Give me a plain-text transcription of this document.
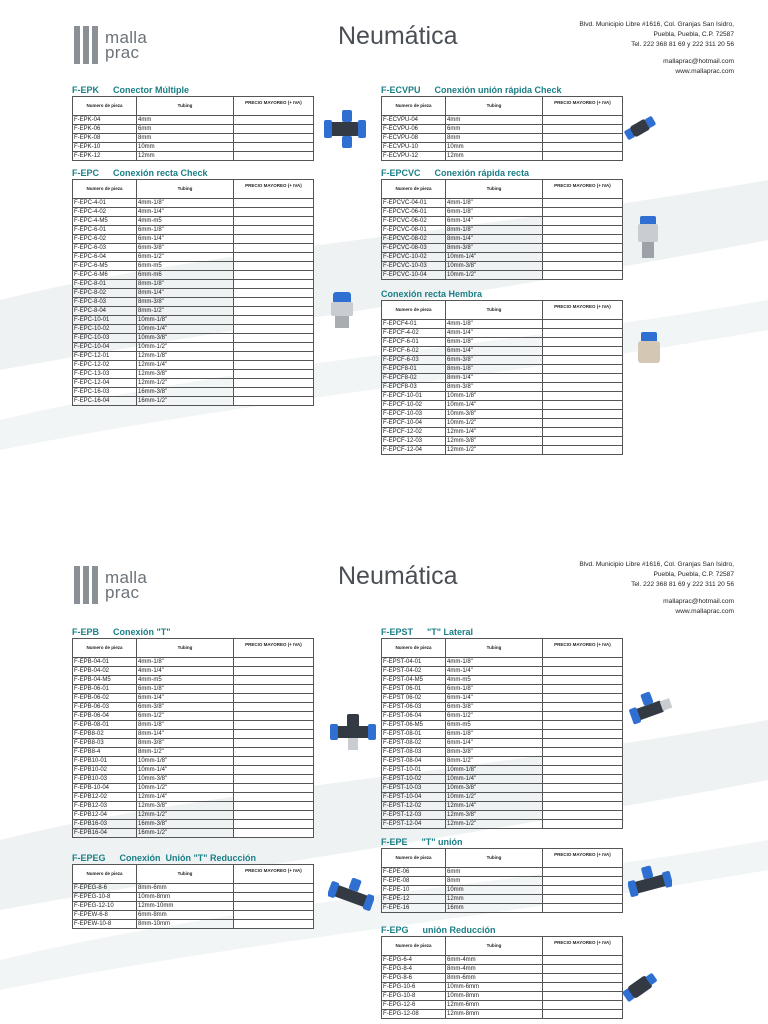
malla
prac
Neumática	Blvd. Municipio Libre #1616, Col. Granjas San Isidro,
Puebla, Puebla, C.P. 72587
Tel. 222 368 81 69 y 222 311 20 56
mallaprac@hotmail.com
www.mallaprac.com
F-EPK Conector Múltiple
Numero de pieza	Tubing	PRECIO MAYOREO (+ IVA)
F-EPK-04	4mm	
F-EPK-06	6mm	
F-EPK-08	8mm	
F-EPK-10	10mm	
F-EPK-12	12mm	
F-EPC Conexión recta Check
Numero de pieza	Tubing	PRECIO MAYOREO (+ IVA)
F-EPC-4-01	4mm-1/8"	
F-EPC-4-02	4mm-1/4"	
F-EPC-4-M5	4mm-m5	
F-EPC-6-01	6mm-1/8"	
F-EPC-6-02	6mm-1/4"	
F-EPC-6-03	6mm-3/8"	
F-EPC-6-04	6mm-1/2"	
F-EPC-6-M5	6mm-m5	
F-EPC-6-M6	6mm-m6	
F-EPC-8-01	8mm-1/8"	
F-EPC-8-02	8mm-1/4"	
F-EPC-8-03	8mm-3/8"	
F-EPC-8-04	8mm-1/2"	
F-EPC-10-01	10mm-1/8"	
F-EPC-10-02	10mm-1/4"	
F-EPC-10-03	10mm-3/8"	
F-EPC-10-04	10mm-1/2"	
F-EPC-12-01	12mm-1/8"	
F-EPC-12-02	12mm-1/4"	
F-EPC-13-03	12mm-3/8"	
F-EPC-12-04	12mm-1/2"	
F-EPC-16-03	16mm-3/8"	
F-EPC-16-04	16mm-1/2"	
F-ECVPU Conexión unión rápida Check
Numero de pieza	Tubing	PRECIO MAYOREO (+ IVA)
F-ECVPU-04	4mm	
F-ECVPU-06	6mm	
F-ECVPU-08	8mm	
F-ECVPU-10	10mm	
F-ECVPU-12	12mm	
F-EPCVC Conexión rápida recta
Numero de pieza	Tubing	PRECIO MAYOREO (+ IVA)
F-EPCVC-04-01	4mm-1/8"	
F-EPCVC-06-01	6mm-1/8"	
F-EPCVC-06-02	6mm-1/4"	
F-EPCVC-08-01	8mm-1/8"	
F-EPCVC-08-02	8mm-1/4"	
F-EPCVC-08-03	8mm-3/8"	
F-EPCVC-10-02	10mm-1/4"	
F-EPCVC-10-03	10mm-3/8"	
F-EPCVC-10-04	10mm-1/2"	
Conexión recta Hembra
Numero de pieza	Tubing	PRECIO MAYOREO (+ IVA)
F-EPCF4-01	4mm-1/8"	
F-EPCF-4-02	4mm-1/4"	
F-EPCF-6-01	6mm-1/8"	
F-EPCF-6-02	6mm-1/4"	
F-EPCF-6-03	6mm-3/8"	
F-EPCF8-01	8mm-1/8"	
F-EPCF8-02	8mm-1/4"	
F-EPCF8-03	8mm-3/8"	
F-EPCF-10-01	10mm-1/8"	
F-EPCF-10-02	10mm-1/4"	
F-EPCF-10-03	10mm-3/8"	
F-EPCF-10-04	10mm-1/2"	
F-EPCF-12-02	12mm-1/4"	
F-EPCF-12-03	12mm-3/8"	
F-EPCF-12-04	12mm-1/2"	
malla
prac
Neumática	Blvd. Municipio Libre #1616, Col. Granjas San Isidro,
Puebla, Puebla, C.P. 72587
Tel. 222 368 81 69 y 222 311 20 56
mallaprac@hotmail.com
www.mallaprac.com
F-EPB Conexión "T"
Numero de pieza	Tubing	PRECIO MAYOREO (+ IVA)
F-EPB-04-01	4mm-1/8"	
F-EPB-04-02	4mm-1/4"	
F-EPB-04-M5	4mm-m5	
F-EPB-06-01	6mm-1/8"	
F-EPB-06-02	6mm-1/4"	
F-EPB-06-03	6mm-3/8"	
F-EPB-06-04	6mm-1/2"	
F-EPB-08-01	8mm-1/8"	
F-EPB8-02	8mm-1/4"	
F-EPB8-03	8mm-3/8"	
F-EPB8-4	8mm-1/2"	
F-EPB10-01	10mm-1/8"	
F-EPB10-02	10mm-1/4"	
F-EPB10-03	10mm-3/8"	
F-EPB-10-04	10mm-1/2"	
F-EPB12-02	12mm-1/4"	
F-EPB12-03	12mm-3/8"	
F-EPB12-04	12mm-1/2"	
F-EPB16-03	16mm-3/8"	
F-EPB16-04	16mm-1/2"	
F-EPEG Conexión  Unión "T" Reducción
Numero de pieza	Tubing	PRECIO MAYOREO (+ IVA)
F-EPEG-8-6	8mm-6mm	
F-EPEG-10-8	10mm-8mm	
F-EPEG-12-10	12mm-10mm	
F-EPEW-6-8	6mm-8mm	
F-EPEW-10-8	8mm-10mm	
F-EPST "T" Lateral
Numero de pieza	Tubing	PRECIO MAYOREO (+ IVA)
F-EPST-04-01	4mm-1/8"	
F-EPST-04-02	4mm-1/4"	
F-EPST-04-M5	4mm-m5	
F-EPST 06-01	6mm-1/8"	
F-EPST 06-02	6mm-1/4"	
F-EPST-06-03	6mm-3/8"	
F-EPST-06-04	6mm-1/2"	
F-EPST-06-M5	6mm-m5	
F-EPST-08-01	6mm-1/8"	
F-EPST-08-02	6mm-1/4"	
F-EPST-08-03	8mm-3/8"	
F-EPST-08-04	8mm-1/2"	
F-EPST-10-01	10mm-1/8"	
F-EPST-10-02	10mm-1/4"	
F-EPST-10-03	10mm-3/8"	
F-EPST-10-04	10mm-1/2"	
F-EPST-12-02	12mm-1/4"	
F-EPST-12-03	12mm-3/8"	
F-EPST-12-04	12mm-1/2"	
F-EPE "T" unión
Numero de pieza	Tubing	PRECIO MAYOREO (+ IVA)
F-EPE-06	6mm	
F-EPE-08	8mm	
F-EPE-10	10mm	
F-EPE-12	12mm	
F-EPE-16	16mm	
F-EPG unión Reducción
Numero de pieza	Tubing	PRECIO MAYOREO (+ IVA)
F-EPG-6-4	6mm-4mm	
F-EPG-8-4	8mm-4mm	
F-EPG-8-6	8mm-6mm	
F-EPG-10-6	10mm-6mm	
F-EPG-10-8	10mm-8mm	
F-EPG-12-6	12mm-6mm	
F-EPG-12-08	12mm-8mm	
